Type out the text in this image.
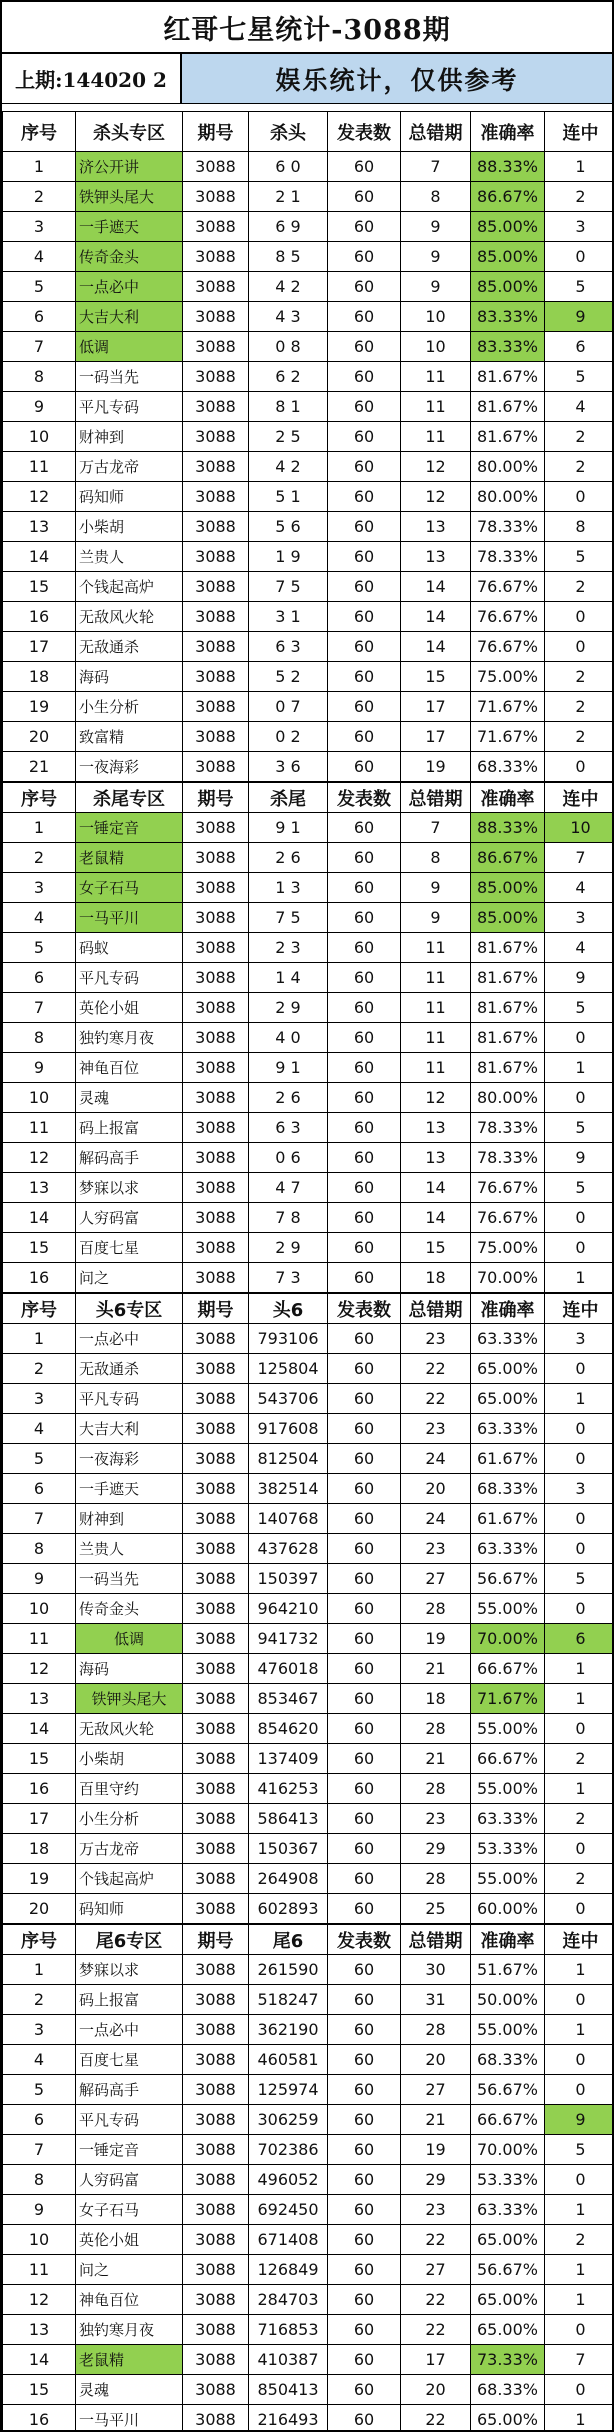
红哥七星统计-3088期
上期:144020 2	娱乐统计，仅供参考
序号	杀头专区	期号	杀头	发表数	总错期	准确率	连中
1	济公开讲	3088	6 0	60	7	88.33%	1
2	铁钾头尾大	3088	2 1	60	8	86.67%	2
3	一手遮天	3088	6 9	60	9	85.00%	3
4	传奇金头	3088	8 5	60	9	85.00%	0
5	一点必中	3088	4 2	60	9	85.00%	5
6	大吉大利	3088	4 3	60	10	83.33%	9
7	低调	3088	0 8	60	10	83.33%	6
8	一码当先	3088	6 2	60	11	81.67%	5
9	平凡专码	3088	8 1	60	11	81.67%	4
10	财神到	3088	2 5	60	11	81.67%	2
11	万古龙帝	3088	4 2	60	12	80.00%	2
12	码知师	3088	5 1	60	12	80.00%	0
13	小柴胡	3088	5 6	60	13	78.33%	8
14	兰贵人	3088	1 9	60	13	78.33%	5
15	个钱起高炉	3088	7 5	60	14	76.67%	2
16	无敌风火轮	3088	3 1	60	14	76.67%	0
17	无敌通杀	3088	6 3	60	14	76.67%	0
18	海码	3088	5 2	60	15	75.00%	2
19	小生分析	3088	0 7	60	17	71.67%	2
20	致富精	3088	0 2	60	17	71.67%	2
21	一夜海彩	3088	3 6	60	19	68.33%	0
序号	杀尾专区	期号	杀尾	发表数	总错期	准确率	连中
1	一锤定音	3088	9 1	60	7	88.33%	10
2	老鼠精	3088	2 6	60	8	86.67%	7
3	女子石马	3088	1 3	60	9	85.00%	4
4	一马平川	3088	7 5	60	9	85.00%	3
5	码蚁	3088	2 3	60	11	81.67%	4
6	平凡专码	3088	1 4	60	11	81.67%	9
7	英伦小姐	3088	2 9	60	11	81.67%	5
8	独钓寒月夜	3088	4 0	60	11	81.67%	0
9	神龟百位	3088	9 1	60	11	81.67%	1
10	灵魂	3088	2 6	60	12	80.00%	0
11	码上报富	3088	6 3	60	13	78.33%	5
12	解码高手	3088	0 6	60	13	78.33%	9
13	梦寐以求	3088	4 7	60	14	76.67%	5
14	人穷码富	3088	7 8	60	14	76.67%	0
15	百度七星	3088	2 9	60	15	75.00%	0
16	问之	3088	7 3	60	18	70.00%	1
序号	头6专区	期号	头6	发表数	总错期	准确率	连中
1	一点必中	3088	793106	60	23	63.33%	3
2	无敌通杀	3088	125804	60	22	65.00%	0
3	平凡专码	3088	543706	60	22	65.00%	1
4	大吉大利	3088	917608	60	23	63.33%	0
5	一夜海彩	3088	812504	60	24	61.67%	0
6	一手遮天	3088	382514	60	20	68.33%	3
7	财神到	3088	140768	60	24	61.67%	0
8	兰贵人	3088	437628	60	23	63.33%	0
9	一码当先	3088	150397	60	27	56.67%	5
10	传奇金头	3088	964210	60	28	55.00%	0
11	低调	3088	941732	60	19	70.00%	6
12	海码	3088	476018	60	21	66.67%	1
13	铁钾头尾大	3088	853467	60	18	71.67%	1
14	无敌风火轮	3088	854620	60	28	55.00%	0
15	小柴胡	3088	137409	60	21	66.67%	2
16	百里守约	3088	416253	60	28	55.00%	1
17	小生分析	3088	586413	60	23	63.33%	2
18	万古龙帝	3088	150367	60	29	53.33%	0
19	个钱起高炉	3088	264908	60	28	55.00%	2
20	码知师	3088	602893	60	25	60.00%	0
序号	尾6专区	期号	尾6	发表数	总错期	准确率	连中
1	梦寐以求	3088	261590	60	30	51.67%	1
2	码上报富	3088	518247	60	31	50.00%	0
3	一点必中	3088	362190	60	28	55.00%	1
4	百度七星	3088	460581	60	20	68.33%	0
5	解码高手	3088	125974	60	27	56.67%	0
6	平凡专码	3088	306259	60	21	66.67%	9
7	一锤定音	3088	702386	60	19	70.00%	5
8	人穷码富	3088	496052	60	29	53.33%	0
9	女子石马	3088	692450	60	23	63.33%	1
10	英伦小姐	3088	671408	60	22	65.00%	2
11	问之	3088	126849	60	27	56.67%	1
12	神龟百位	3088	284703	60	22	65.00%	1
13	独钓寒月夜	3088	716853	60	22	65.00%	0
14	老鼠精	3088	410387	60	17	73.33%	7
15	灵魂	3088	850413	60	20	68.33%	0
16	一马平川	3088	216493	60	22	65.00%	1
